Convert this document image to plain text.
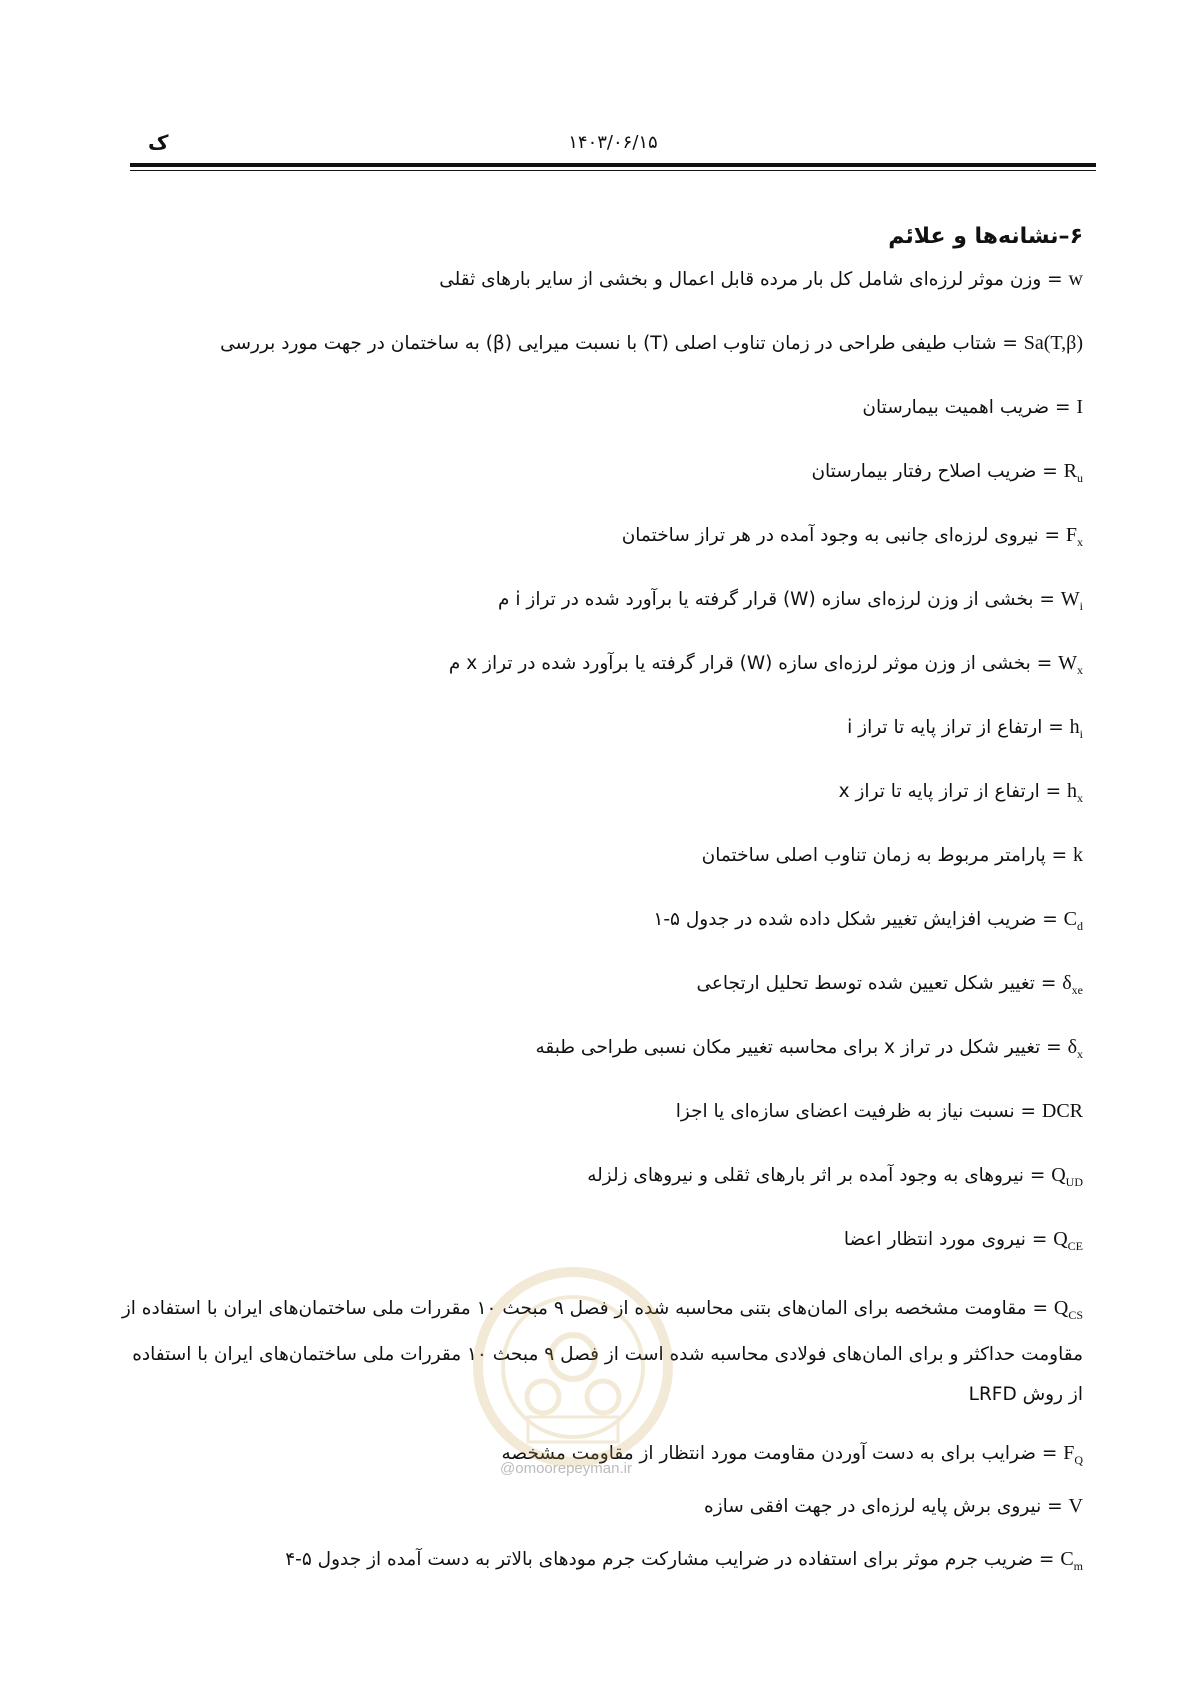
ک	۱۴۰۳/۰۶/۱۵
۶–نشانه‌ها و علائم
w = وزن موثر لرزه‌ای شامل کل بار مرده قابل اعمال و بخشی از سایر بارهای ثقلی
Sa(T,β) = شتاب طیفی طراحی در زمان تناوب اصلی (T) با نسبت میرایی (β) به ساختمان در جهت مورد بررسی
I = ضریب اهمیت بیمارستان
$R_u$ = ضریب اصلاح رفتار بیمارستان
$F_x$ = نیروی لرزه‌ای جانبی به وجود آمده در هر تراز ساختمان
$W_i$ = بخشی از وزن لرزه‌ای سازه (W) قرار گرفته یا برآورد شده در تراز i م
$W_x$ = بخشی از وزن موثر لرزه‌ای سازه (W) قرار گرفته یا برآورد شده در تراز x م
$h_i$ = ارتفاع از تراز پایه تا تراز i
$h_x$ = ارتفاع از تراز پایه تا تراز x
k = پارامتر مربوط به زمان تناوب اصلی ساختمان
$C_d$ = ضریب افزایش تغییر شکل داده شده در جدول ۵-۱
$\delta_{xe}$ = تغییر شکل تعیین شده توسط تحلیل ارتجاعی
$\delta_x$ = تغییر شکل در تراز x برای محاسبه تغییر مکان نسبی طراحی طبقه
DCR = نسبت نیاز به ظرفیت اعضای سازه‌ای یا اجزا
$Q_{UD}$ = نیروهای به وجود آمده بر اثر بارهای ثقلی و نیروهای زلزله
$Q_{CE}$ = نیروی مورد انتظار اعضا
$Q_{CS}$ = مقاومت مشخصه برای المان‌های بتنی محاسبه شده از فصل ۹ مبحث ۱۰ مقررات ملی ساختمان‌های ایران با استفاده از مقاومت حداکثر و برای المان‌های فولادی محاسبه شده است از فصل ۹ مبحث ۱۰ مقررات ملی ساختمان‌های ایران با استفاده از روش LRFD
$F_Q$ = ضرایب برای به دست آوردن مقاومت مورد انتظار از مقاومت مشخصه
V = نیروی برش پایه لرزه‌ای در جهت افقی سازه
$C_m$ = ضریب جرم موثر برای استفاده در ضرایب مشارکت جرم مودهای بالاتر به دست آمده از جدول ۵-۴
@omoorepeyman.ir
